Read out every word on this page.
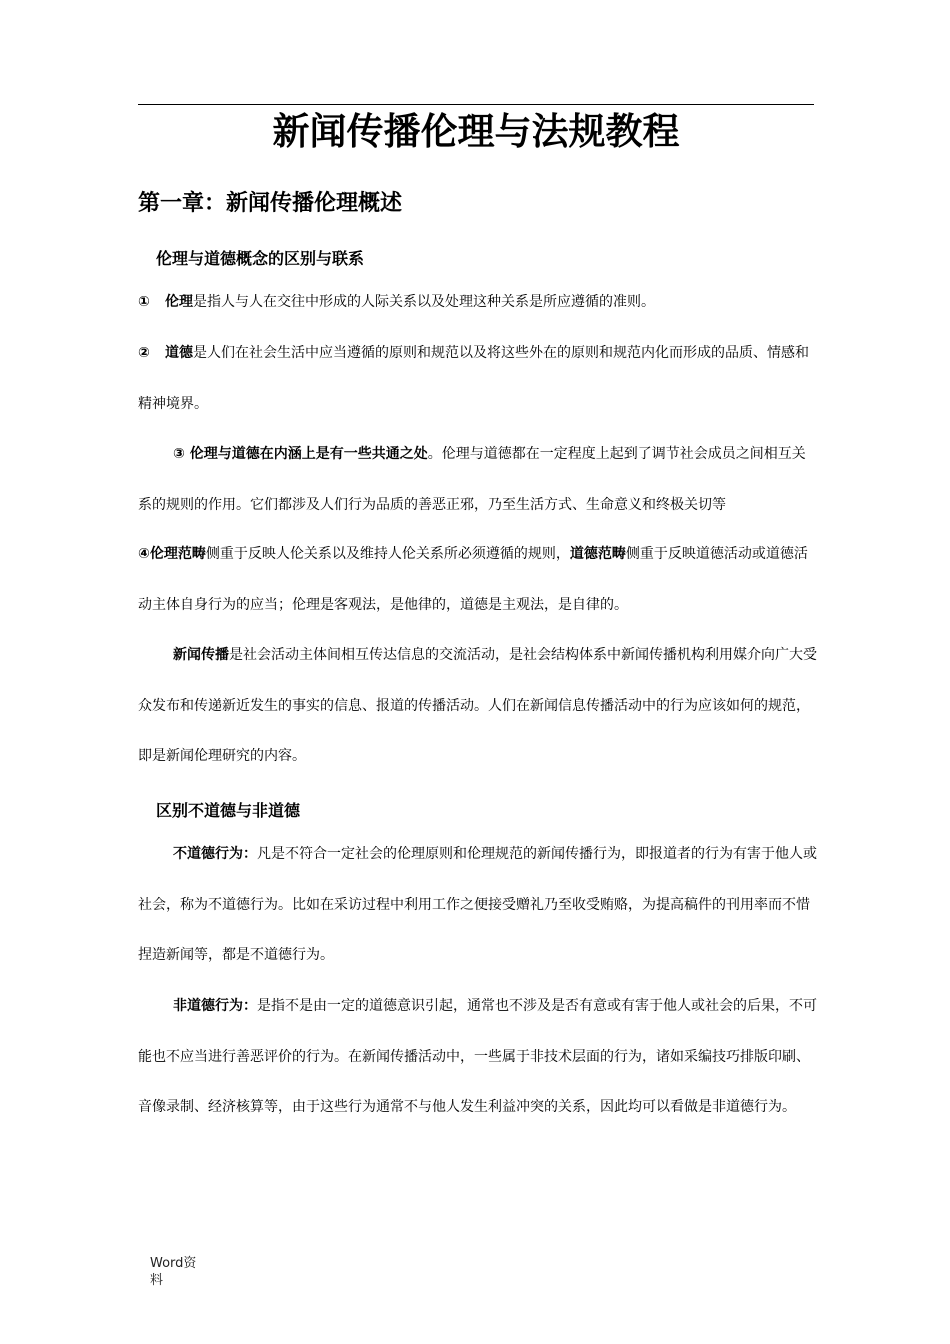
新闻传播伦理与法规教程
第一章：新闻传播伦理概述
伦理与道德概念的区别与联系

① 伦理是指人与人在交往中形成的人际关系以及处理这种关系是所应遵循的准则。

② 道德是人们在社会生活中应当遵循的原则和规范以及将这些外在的原则和规范内化而形成的品质、情感和精神境界。

③ 伦理与道德在内涵上是有一些共通之处。伦理与道德都在一定程度上起到了调节社会成员之间相互关系的规则的作用。它们都涉及人们行为品质的善恶正邪，乃至生活方式、生命意义和终极关切等

④伦理范畴侧重于反映人伦关系以及维持人伦关系所必须遵循的规则，道德范畴侧重于反映道德活动或道德活动主体自身行为的应当；伦理是客观法，是他律的，道德是主观法，是自律的。

新闻传播是社会活动主体间相互传达信息的交流活动，是社会结构体系中新闻传播机构利用媒介向广大受众发布和传递新近发生的事实的信息、报道的传播活动。人们在新闻信息传播活动中的行为应该如何的规范，即是新闻伦理研究的内容。

区别不道德与非道德

不道德行为：凡是不符合一定社会的伦理原则和伦理规范的新闻传播行为，即报道者的行为有害于他人或社会，称为不道德行为。比如在采访过程中利用工作之便接受赠礼乃至收受贿赂，为提高稿件的刊用率而不惜捏造新闻等，都是不道德行为。

非道德行为：是指不是由一定的道德意识引起，通常也不涉及是否有意或有害于他人或社会的后果，不可能也不应当进行善恶评价的行为。在新闻传播活动中，一些属于非技术层面的行为，诸如采编技巧排版印刷、音像录制、经济核算等，由于这些行为通常不与他人发生利益冲突的关系，因此均可以看做是非道德行为。

Word资料
